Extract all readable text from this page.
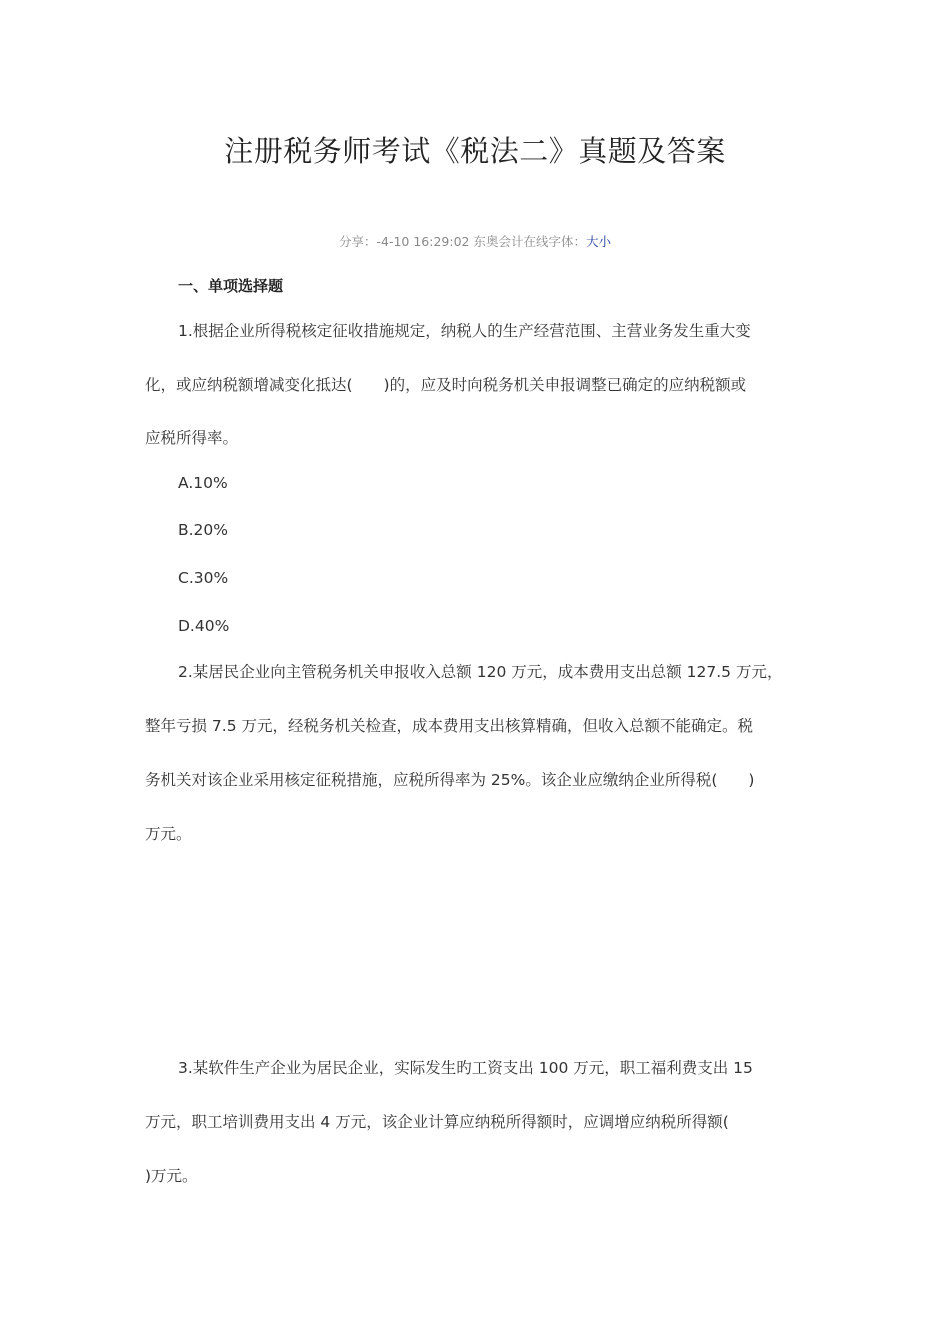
注册税务师考试《税法二》真题及答案
分享：-4-10 16:29:02 东奥会计在线字体：大小
一、单项选择题
1.根据企业所得税核定征收措施规定，纳税人的生产经营范围、主营业务发生重大变
化，或应纳税额增减变化抵达(　　)的，应及时向税务机关申报调整已确定的应纳税额或
应税所得率。
A.10%
B.20%
C.30%
D.40%
2.某居民企业向主管税务机关申报收入总额 120 万元，成本费用支出总额 127.5 万元，
整年亏损 7.5 万元，经税务机关检查，成本费用支出核算精确，但收入总额不能确定。税
务机关对该企业采用核定征税措施，应税所得率为 25%。该企业应缴纳企业所得税(　　)
万元。
3.某软件生产企业为居民企业，实际发生旳工资支出 100 万元，职工福利费支出 15
万元，职工培训费用支出 4 万元，该企业计算应纳税所得额时，应调增应纳税所得额(
)万元。
